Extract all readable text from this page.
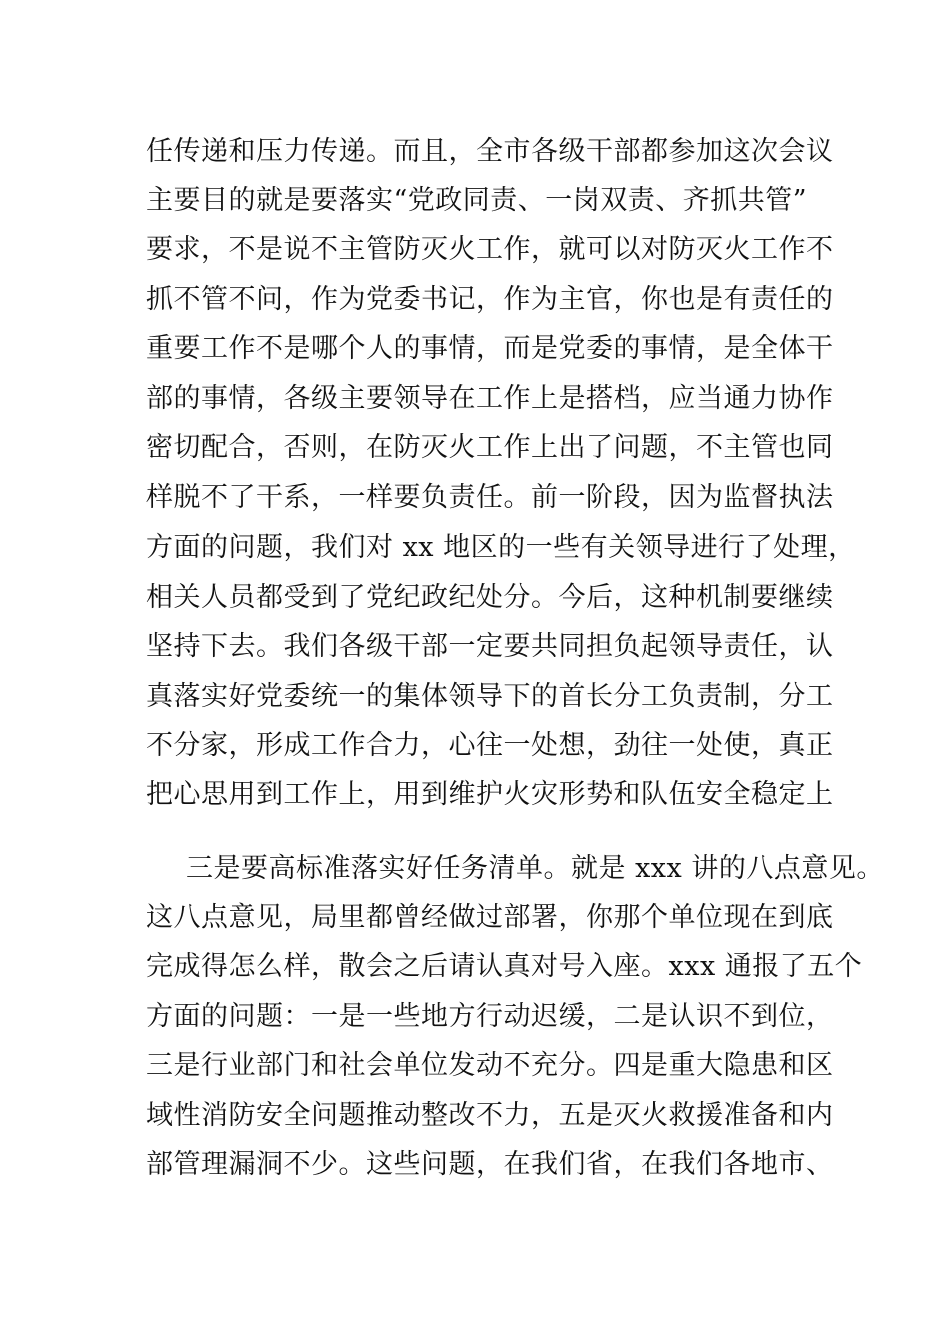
任传递和压力传递。而且，全市各级干部都参加这次会议
主要目的就是要落实“党政同责、一岗双责、齐抓共管”
要求，不是说不主管防灭火工作，就可以对防灭火工作不
抓不管不问，作为党委书记，作为主官，你也是有责任的
重要工作不是哪个人的事情，而是党委的事情，是全体干
部的事情，各级主要领导在工作上是搭档，应当通力协作
密切配合，否则，在防灭火工作上出了问题，不主管也同
样脱不了干系，一样要负责任。前一阶段，因为监督执法
方面的问题，我们对 xx 地区的一些有关领导进行了处理，
相关人员都受到了党纪政纪处分。今后，这种机制要继续
坚持下去。我们各级干部一定要共同担负起领导责任，认
真落实好党委统一的集体领导下的首长分工负责制，分工
不分家，形成工作合力，心往一处想，劲往一处使，真正
把心思用到工作上，用到维护火灾形势和队伍安全稳定上
三是要高标准落实好任务清单。就是 xxx 讲的八点意见。
这八点意见，局里都曾经做过部署，你那个单位现在到底
完成得怎么样，散会之后请认真对号入座。xxx 通报了五个
方面的问题：一是一些地方行动迟缓，二是认识不到位，
三是行业部门和社会单位发动不充分。四是重大隐患和区
域性消防安全问题推动整改不力，五是灭火救援准备和内
部管理漏洞不少。这些问题，在我们省，在我们各地市、
